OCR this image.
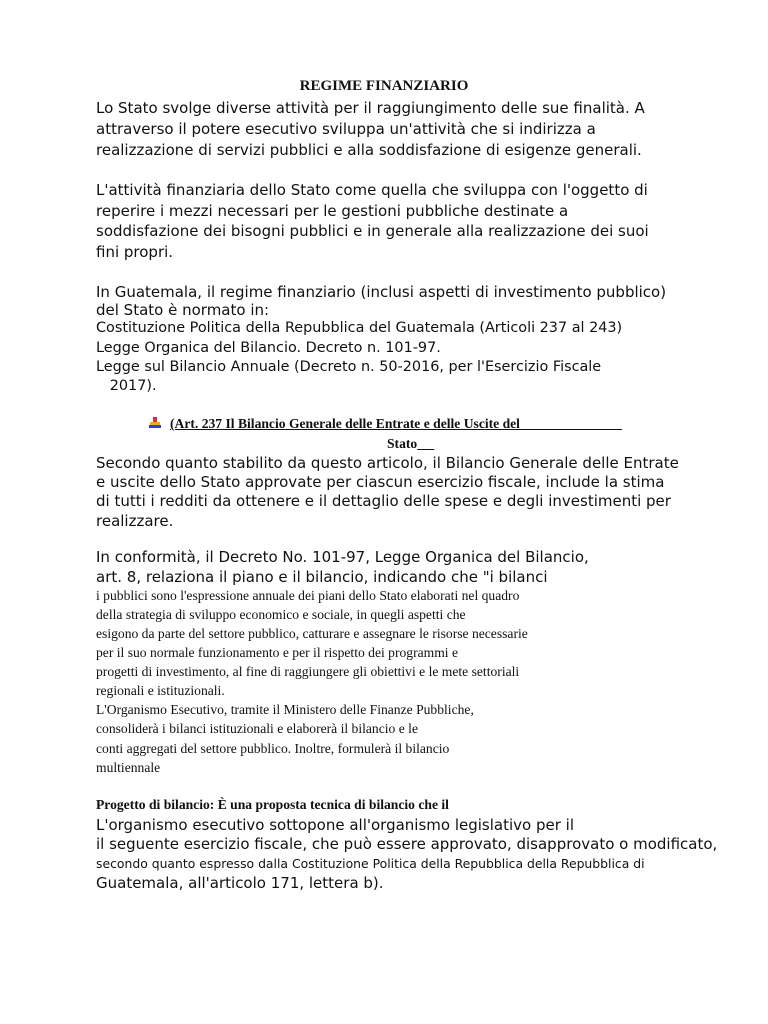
REGIME FINANZIARIO

Lo Stato svolge diverse attività per il raggiungimento delle sue finalità. A

attraverso il potere esecutivo sviluppa un'attività che si indirizza a

realizzazione di servizi pubblici e alla soddisfazione di esigenze generali.

L'attività finanziaria dello Stato come quella che sviluppa con l'oggetto di

reperire i mezzi necessari per le gestioni pubbliche destinate a

soddisfazione dei bisogni pubblici e in generale alla realizzazione dei suoi

fini propri.

In Guatemala, il regime finanziario (inclusi aspetti di investimento pubblico)

del Stato è normato in:

Costituzione Politica della Repubblica del Guatemala (Articoli 237 al 243)

Legge Organica del Bilancio. Decreto n. 101-97.

Legge sul Bilancio Annuale (Decreto n. 50-2016, per l'Esercizio Fiscale

2017).

(Art. 237 Il Bilancio Generale delle Entrate e delle Uscite del
Stato

Secondo quanto stabilito da questo articolo, il Bilancio Generale delle Entrate

e uscite dello Stato approvate per ciascun esercizio fiscale, include la stima

di tutti i redditi da ottenere e il dettaglio delle spese e degli investimenti per

realizzare.

In conformità, il Decreto No. 101-97, Legge Organica del Bilancio,

art. 8, relaziona il piano e il bilancio, indicando che "i bilanci

i pubblici sono l'espressione annuale dei piani dello Stato elaborati nel quadro

della strategia di sviluppo economico e sociale, in quegli aspetti che

esigono da parte del settore pubblico, catturare e assegnare le risorse necessarie

per il suo normale funzionamento e per il rispetto dei programmi e

progetti di investimento, al fine di raggiungere gli obiettivi e le mete settoriali

regionali e istituzionali.

L'Organismo Esecutivo, tramite il Ministero delle Finanze Pubbliche,

consoliderà i bilanci istituzionali e elaborerà il bilancio e le

conti aggregati del settore pubblico. Inoltre, formulerà il bilancio

multiennale

Progetto di bilancio: È una proposta tecnica di bilancio che il

L'organismo esecutivo sottopone all'organismo legislativo per il

il seguente esercizio fiscale, che può essere approvato, disapprovato o modificato,

secondo quanto espresso dalla Costituzione Politica della Repubblica della Repubblica di

Guatemala, all'articolo 171, lettera b).
